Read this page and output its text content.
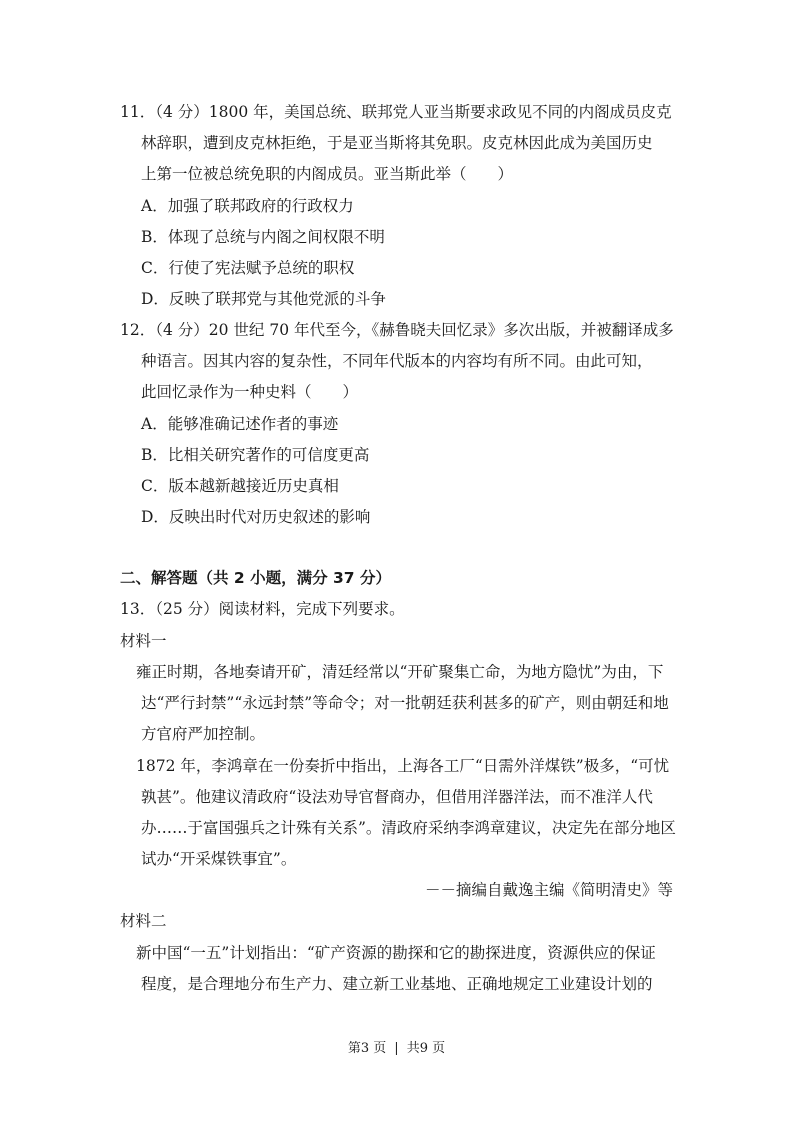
11．（4 分）1800 年，美国总统、联邦党人亚当斯要求政见不同的内阁成员皮克
林辞职，遭到皮克林拒绝，于是亚当斯将其免职。皮克林因此成为美国历史
上第一位被总统免职的内阁成员。亚当斯此举（　　）
A．加强了联邦政府的行政权力
B．体现了总统与内阁之间权限不明
C．行使了宪法赋予总统的职权
D．反映了联邦党与其他党派的斗争
12．（4 分）20 世纪 70 年代至今，《赫鲁晓夫回忆录》多次出版，并被翻译成多
种语言。因其内容的复杂性，不同年代版本的内容均有所不同。由此可知，
此回忆录作为一种史料（　　）
A．能够准确记述作者的事迹
B．比相关研究著作的可信度更高
C．版本越新越接近历史真相
D．反映出时代对历史叙述的影响
二、解答题（共 2 小题，满分 37 分）
13．（25 分）阅读材料，完成下列要求。
材料一
雍正时期，各地奏请开矿，清廷经常以“开矿聚集亡命，为地方隐忧”为由，下
达“严行封禁”“永远封禁”等命令；对一批朝廷获利甚多的矿产，则由朝廷和地
方官府严加控制。
1872 年，李鸿章在一份奏折中指出，上海各工厂“日需外洋煤铁”极多，“可忧
孰甚”。他建议清政府“设法劝导官督商办，但借用洋器洋法，而不准洋人代
办……于富国强兵之计殊有关系”。清政府采纳李鸿章建议，决定先在部分地区
试办“开采煤铁事宜”。
－－摘编自戴逸主编《简明清史》等
材料二
新中国“一五”计划指出：“矿产资源的勘探和它的勘探进度，资源供应的保证
程度，是合理地分布生产力、建立新工业基地、正确地规定工业建设计划的
第3 页 | 共9 页
